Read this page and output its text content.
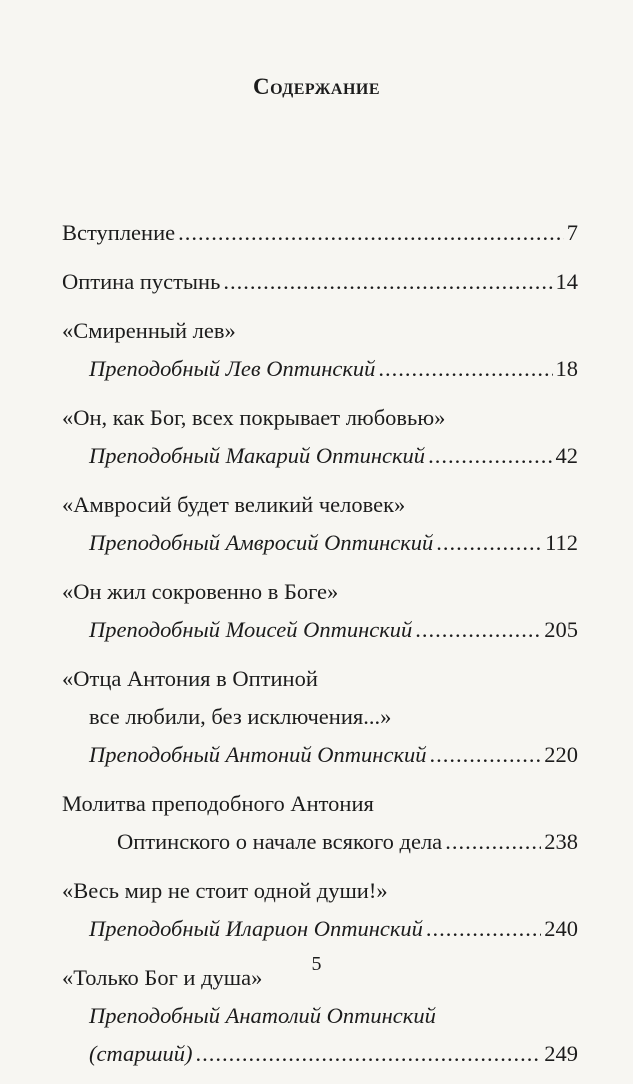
Содержание
Вступление .....	7
Оптина пустынь .....	14
«Смиренный лев»
Преподобный Лев Оптинский .....	18
«Он, как Бог, всех покрывает любовью»
Преподобный Макарий Оптинский .....	42
«Амвросий будет великий человек»
Преподобный Амвросий Оптинский .....	112
«Он жил сокровенно в Боге»
Преподобный Моисей Оптинский .....	205
«Отца Антония в Оптиной
все любили, без исключения...»
Преподобный Антоний Оптинский .....	220
Молитва преподобного Антония
Оптинского о начале всякого дела .....	238
«Весь мир не стоит одной души!»
Преподобный Иларион Оптинский .....	240
«Только Бог и душа»
Преподобный Анатолий Оптинский
(старший) .....	249
5
